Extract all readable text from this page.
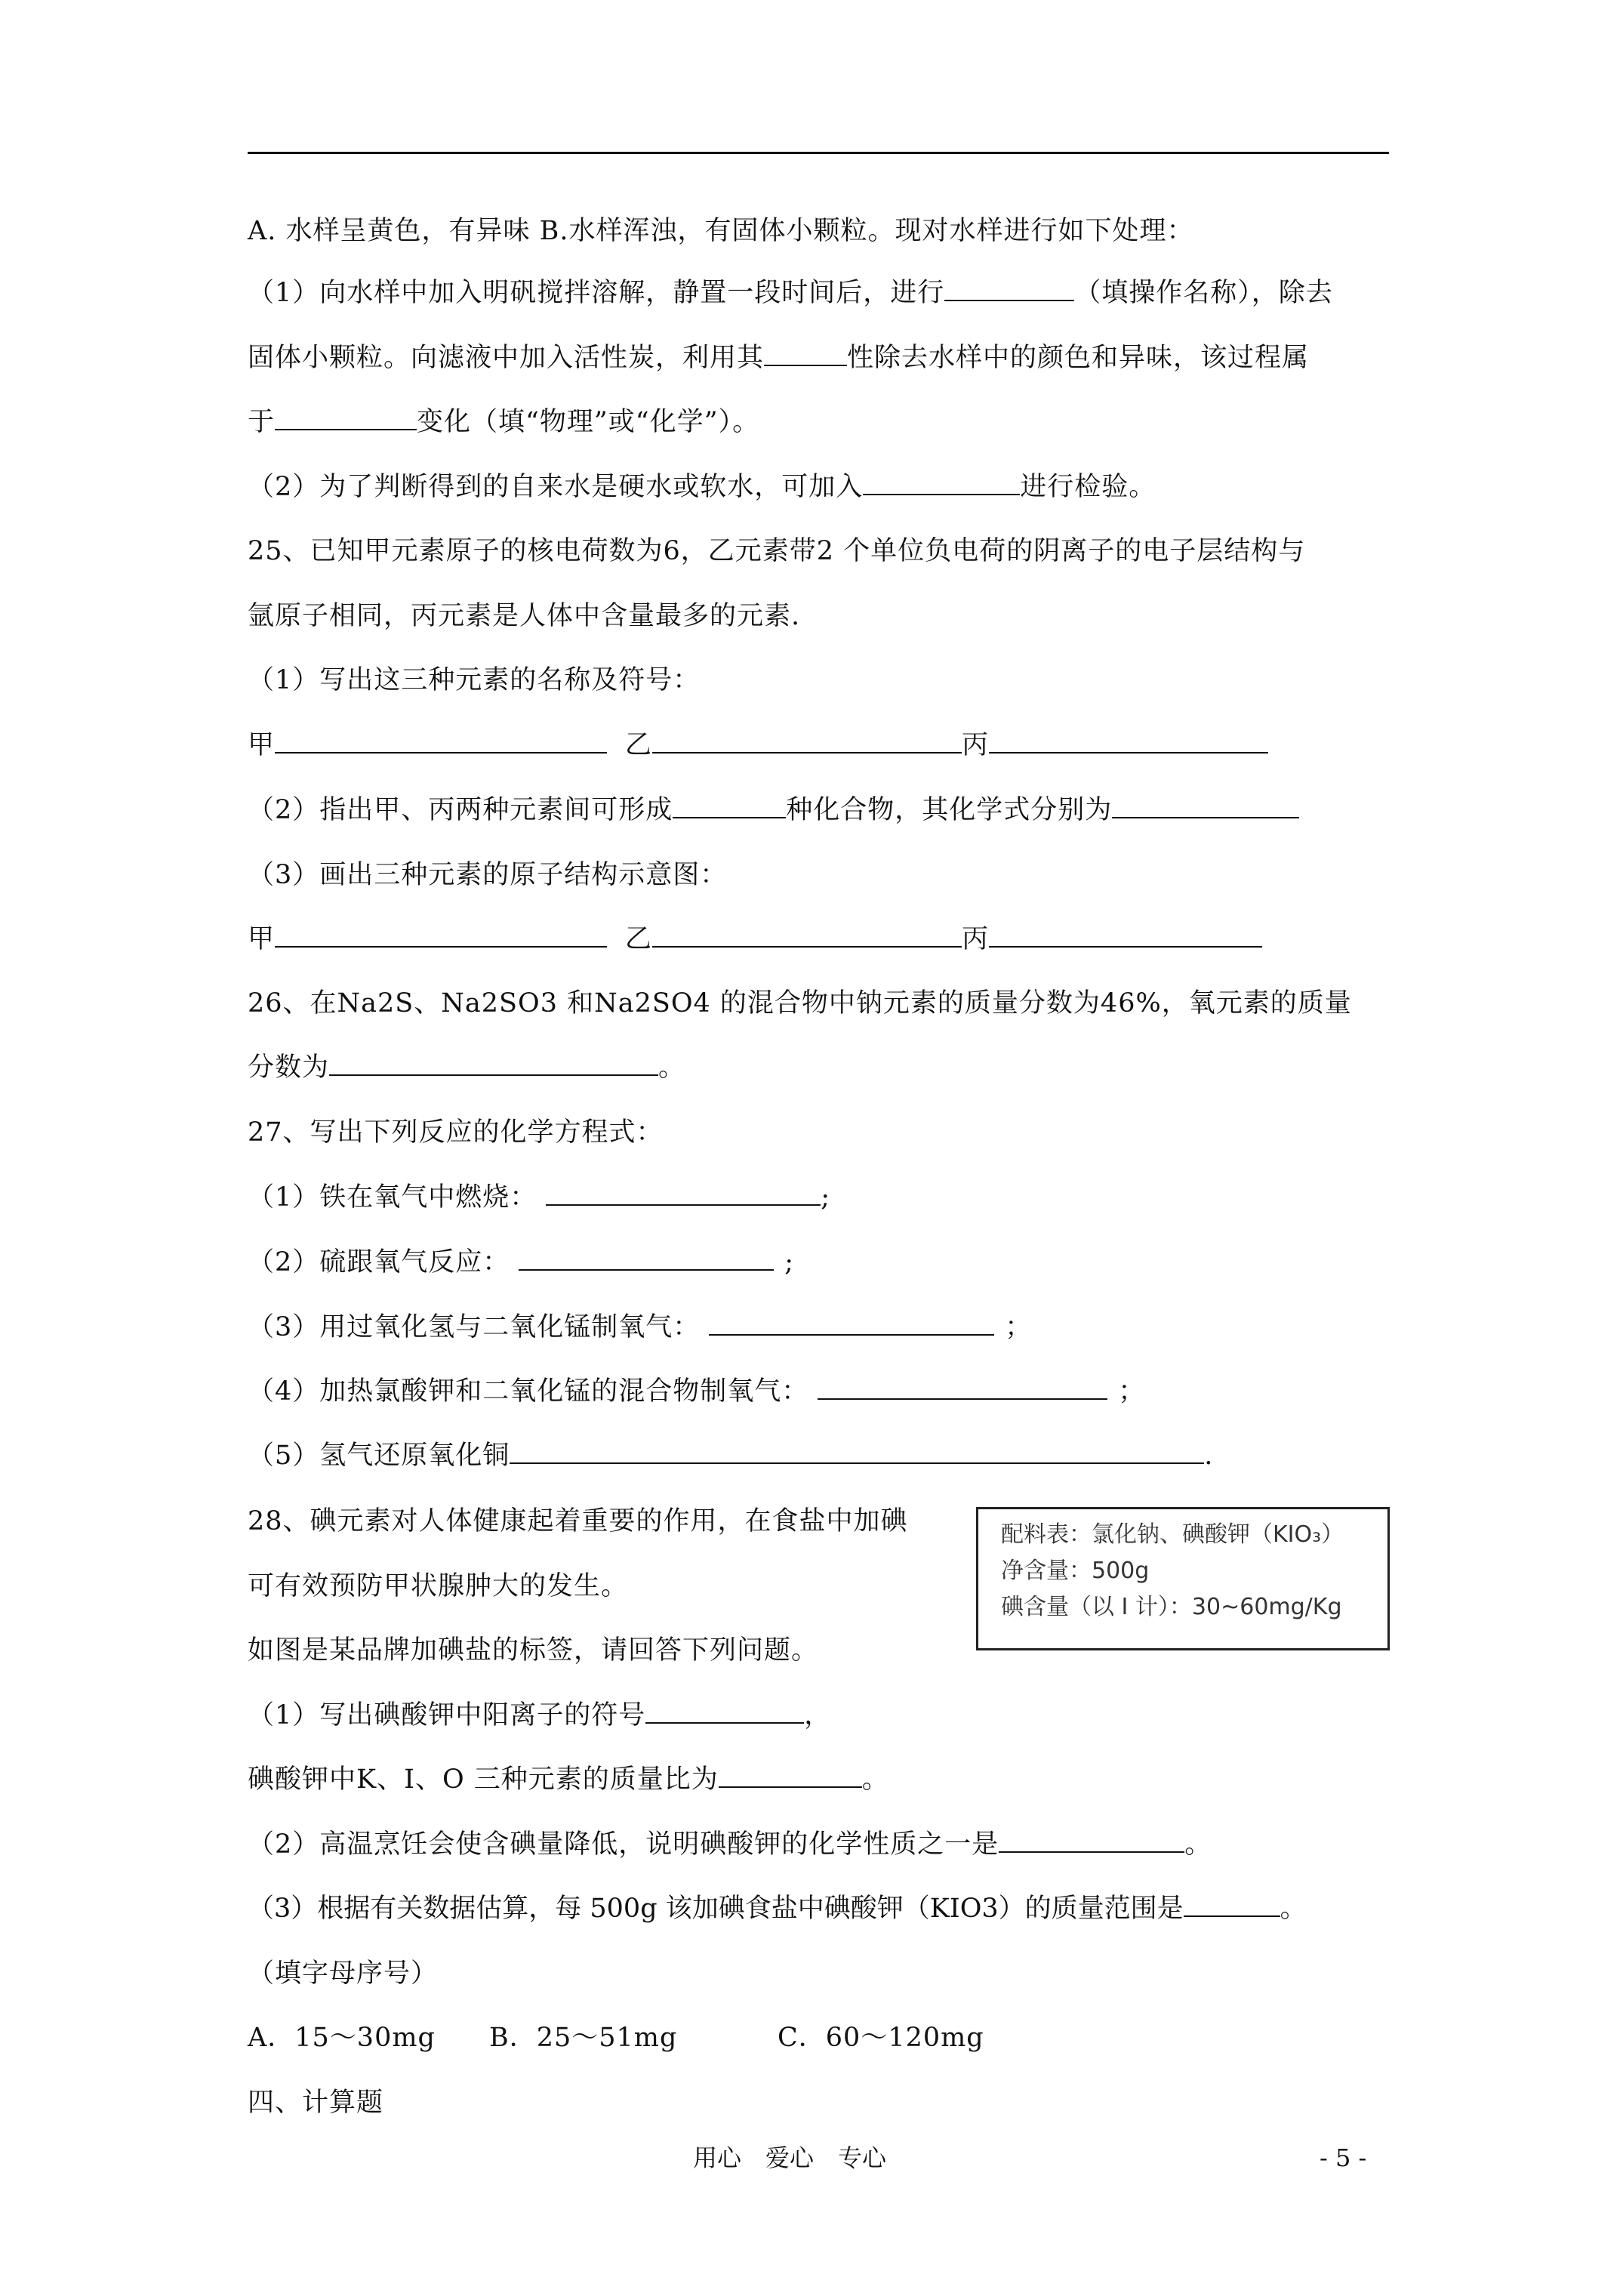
A. 水样呈黄色，有异味 B.水样浑浊，有固体小颗粒。现对水样进行如下处理：
（1）向水样中加入明矾搅拌溶解，静置一段时间后，进行	（填操作名称），除去
固体小颗粒。向滤液中加入活性炭，利用其	性除去水样中的颜色和异味，该过程属
于	变化（填“物理”或“化学”）。
（2）为了判断得到的自来水是硬水或软水，可加入	进行检验。
25、已知甲元素原子的核电荷数为6，乙元素带2 个单位负电荷的阴离子的电子层结构与
氩原子相同，丙元素是人体中含量最多的元素.
（1）写出这三种元素的名称及符号：
甲	乙	丙
（2）指出甲、丙两种元素间可形成	种化合物，其化学式分别为
（3）画出三种元素的原子结构示意图：
甲	乙	丙
26、在Na2S、Na2SO3 和Na2SO4 的混合物中钠元素的质量分数为46%，氧元素的质量
分数为	。
27、写出下列反应的化学方程式：
（1）铁在氧气中燃烧：	;
（2）硫跟氧气反应：	;
（3）用过氧化氢与二氧化锰制氧气：	；
（4）加热氯酸钾和二氧化锰的混合物制氧气：	；
（5）氢气还原氧化铜	.
28、碘元素对人体健康起着重要的作用，在食盐中加碘
可有效预防甲状腺肿大的发生。
如图是某品牌加碘盐的标签，请回答下列问题。
配料表：氯化钠、碘酸钾（KIO₃）
净含量：500g
碘含量（以 I 计）：30~60mg/Kg
（1）写出碘酸钾中阳离子的符号	，
碘酸钾中K、I、O 三种元素的质量比为	。
（2）高温烹饪会使含碘量降低，说明碘酸钾的化学性质之一是	。
（3）根据有关数据估算，每 500g 该加碘食盐中碘酸钾（KIO3）的质量范围是	。
（填字母序号）
A．15～30mg B．25～51mg	C．60～120mg
四、计算题
用心　爱心　专心	- 5 -
